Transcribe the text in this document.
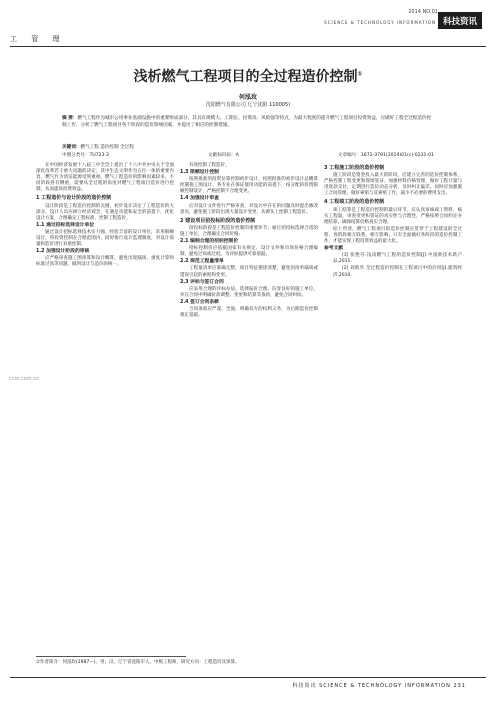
工 管 理
2014 NO.01
SCIENCE & TECHNOLOGY INFORMATION 科技资讯
浅析燃气工程项目的全过程造价控制①
何泓玫
沈阳燃气有限公司 辽宁沈阳 110005)
摘 要：燃气工程作为城市公用事业基础设施中的重要组成部分，其具有规模大、工期长、投资高、风险强等特点，为最大程度的提升燃气工程项目投资效益，应做好工程全过程造价控制工作，分析了燃气工程项目各个阶段的造价影响因素，并提出了相应的控制措施。
关键词：燃气工程 造价控制 全过程
中图分类号：TU723.3	文献标识码：A	文章编号：1672-3791(2014)01(c)-0231-01

在中国经济发展十八届三中全会上提出了十八中共中央关于全面深化改革若干重大问题的决定，其中生态文明作为五位一体的重要内容，燃气作为清洁能源受到重视。燃气工程造价的影响因素较多，不同阶段各有侧重，需要从全过程的角度对燃气工程项目造价进行控制，从而提高投资效益。

1 工程造价与设计阶段的造价控制

设计阶段是工程造价控制的关键，初步设计决定了工程造价的大部分。设计人员应树立经济观念，在满足功能和安全的前提下，优化设计方案，合理确定工程标准，控制工程造价。

1.1 通过招标选择设计单位

通过设计招标选择技术实力强、经验丰富的设计单位，采用限额设计，将投资控制在合理范围内，同时推行设计监理制度，对设计质量和造价进行双重控制。

1.2 加强设计阶段的审核

应严格审查施工图预算和设计概算，避免出现漏项、重复计算和标准过高等问题，做到设计与造价的统一。

有效控制工程造价。

1.3 限额设计控制

按照批准的投资估算控制初步设计，按照批准的初步设计总概算控制施工图设计，各专业在保证使用功能的前提下，按分配的投资限额控制设计，严格控制不合理变更。

1.4 加强设计审查

应对设计文件进行严格审查，对设计中存在的问题及时提出修改意见，避免施工阶段出现大量设计变更，从源头上控制工程造价。

2 建设项目招投标阶段的造价控制

招投标阶段是工程造价控制的重要环节，通过招投标选择合适的施工单位，合理确定合同价格。

2.1 编制合理的招标控制价

招标控制价应依据国家有关规定、设计文件和市场价格合理编制，避免过高或过低，为评标提供可靠依据。

2.2 规范工程量清单

工程量清单应准确完整，项目特征描述清楚，避免因清单漏项或错误引起的索赔和变更。

2.3 评标与签订合同

应采用合理的评标办法，选择报价合理、信誉良好的施工单位，并在合同中明确价款调整、变更和结算等条款，避免合同纠纷。

2.4 签订合同条款

合同条款应严谨、全面，明确双方的权利义务，为后期造价控制奠定基础。

3 工程施工阶段的造价控制

施工阶段是资金投入最大的阶段，应建立完善的造价控制体系，严格控制工程变更和现场签证，加强材料价格管理，做好工程计量与进度款支付，定期进行造价动态分析，及时纠正偏差。同时应加强施工合同管理，做好索赔与反索赔工作，减少不必要的费用支出。

4 工程竣工阶段的造价控制

竣工结算是工程造价控制的最后环节，应认真审核竣工资料，核实工程量，审查变更和签证的真实性与合理性，严格按照合同约定办理结算，确保结算价格真实合理。

综上所述，燃气工程项目的造价控制应贯穿于工程建设的全过程，各阶段相互联系、相互影响，只有全面做好各阶段的造价控制工作，才能实现工程投资效益的最大化。

参考文献

[1] 张艳芬.浅谈燃气工程的造价控制[J].中国新技术新产品,2011.

[2] 刘新华.全过程造价控制在工程项目中的应用[J].建筑经济,2010.

ccm.com.cn
①作者简介：何泓玫(1987—)，男，汉，辽宁省沈阳市人，中级工程师，研究方向：工程造价及预算。
科技资讯 SCIENCE & TECHNOLOGY INFORMATION 231
